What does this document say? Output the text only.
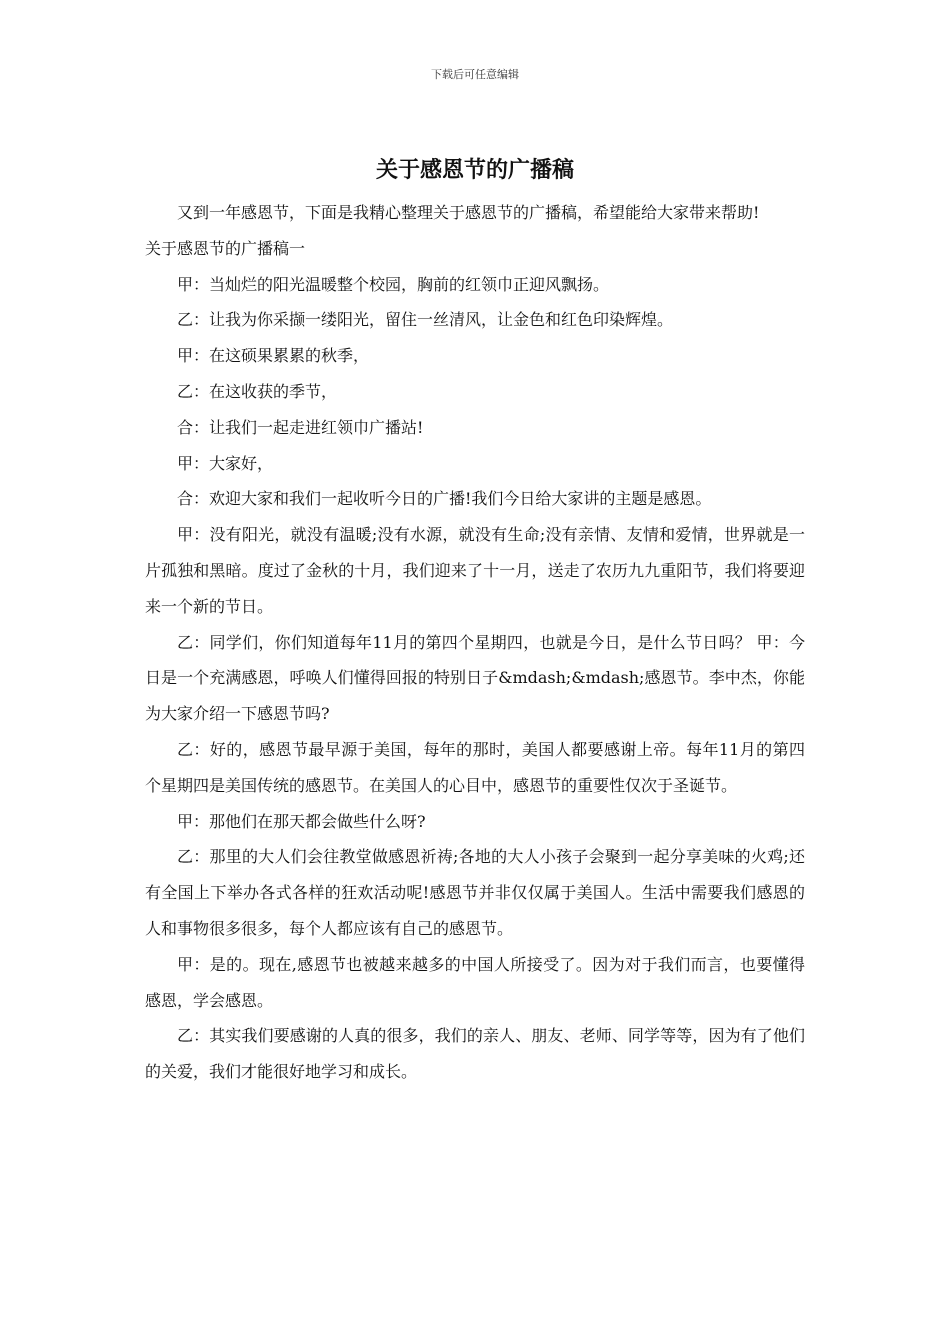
下载后可任意编辑
关于感恩节的广播稿

又到一年感恩节，下面是我精心整理关于感恩节的广播稿，希望能给大家带来帮助!

关于感恩节的广播稿一

甲：当灿烂的阳光温暖整个校园，胸前的红领巾正迎风飘扬。

乙：让我为你采撷一缕阳光，留住一丝清风，让金色和红色印染辉煌。

甲：在这硕果累累的秋季，

乙：在这收获的季节，

合：让我们一起走进红领巾广播站!

甲：大家好，

合：欢迎大家和我们一起收听今日的广播!我们今日给大家讲的主题是感恩。

甲：没有阳光，就没有温暖;没有水源，就没有生命;没有亲情、友情和爱情，世界就是一片孤独和黑暗。度过了金秋的十月，我们迎来了十一月，送走了农历九九重阳节，我们将要迎来一个新的节日。

乙：同学们，你们知道每年11月的第四个星期四，也就是今日，是什么节日吗？ 甲：今日是一个充满感恩，呼唤人们懂得回报的特别日子&mdash;&mdash;感恩节。李中杰，你能为大家介绍一下感恩节吗?

乙：好的，感恩节最早源于美国，每年的那时，美国人都要感谢上帝。每年11月的第四个星期四是美国传统的感恩节。在美国人的心目中，感恩节的重要性仅次于圣诞节。

甲：那他们在那天都会做些什么呀?

乙：那里的大人们会往教堂做感恩祈祷;各地的大人小孩子会聚到一起分享美味的火鸡;还有全国上下举办各式各样的狂欢活动呢!感恩节并非仅仅属于美国人。生活中需要我们感恩的人和事物很多很多，每个人都应该有自己的感恩节。

甲：是的。现在,感恩节也被越来越多的中国人所接受了。因为对于我们而言，也要懂得感恩，学会感恩。

乙：其实我们要感谢的人真的很多，我们的亲人、朋友、老师、同学等等，因为有了他们的关爱，我们才能很好地学习和成长。
